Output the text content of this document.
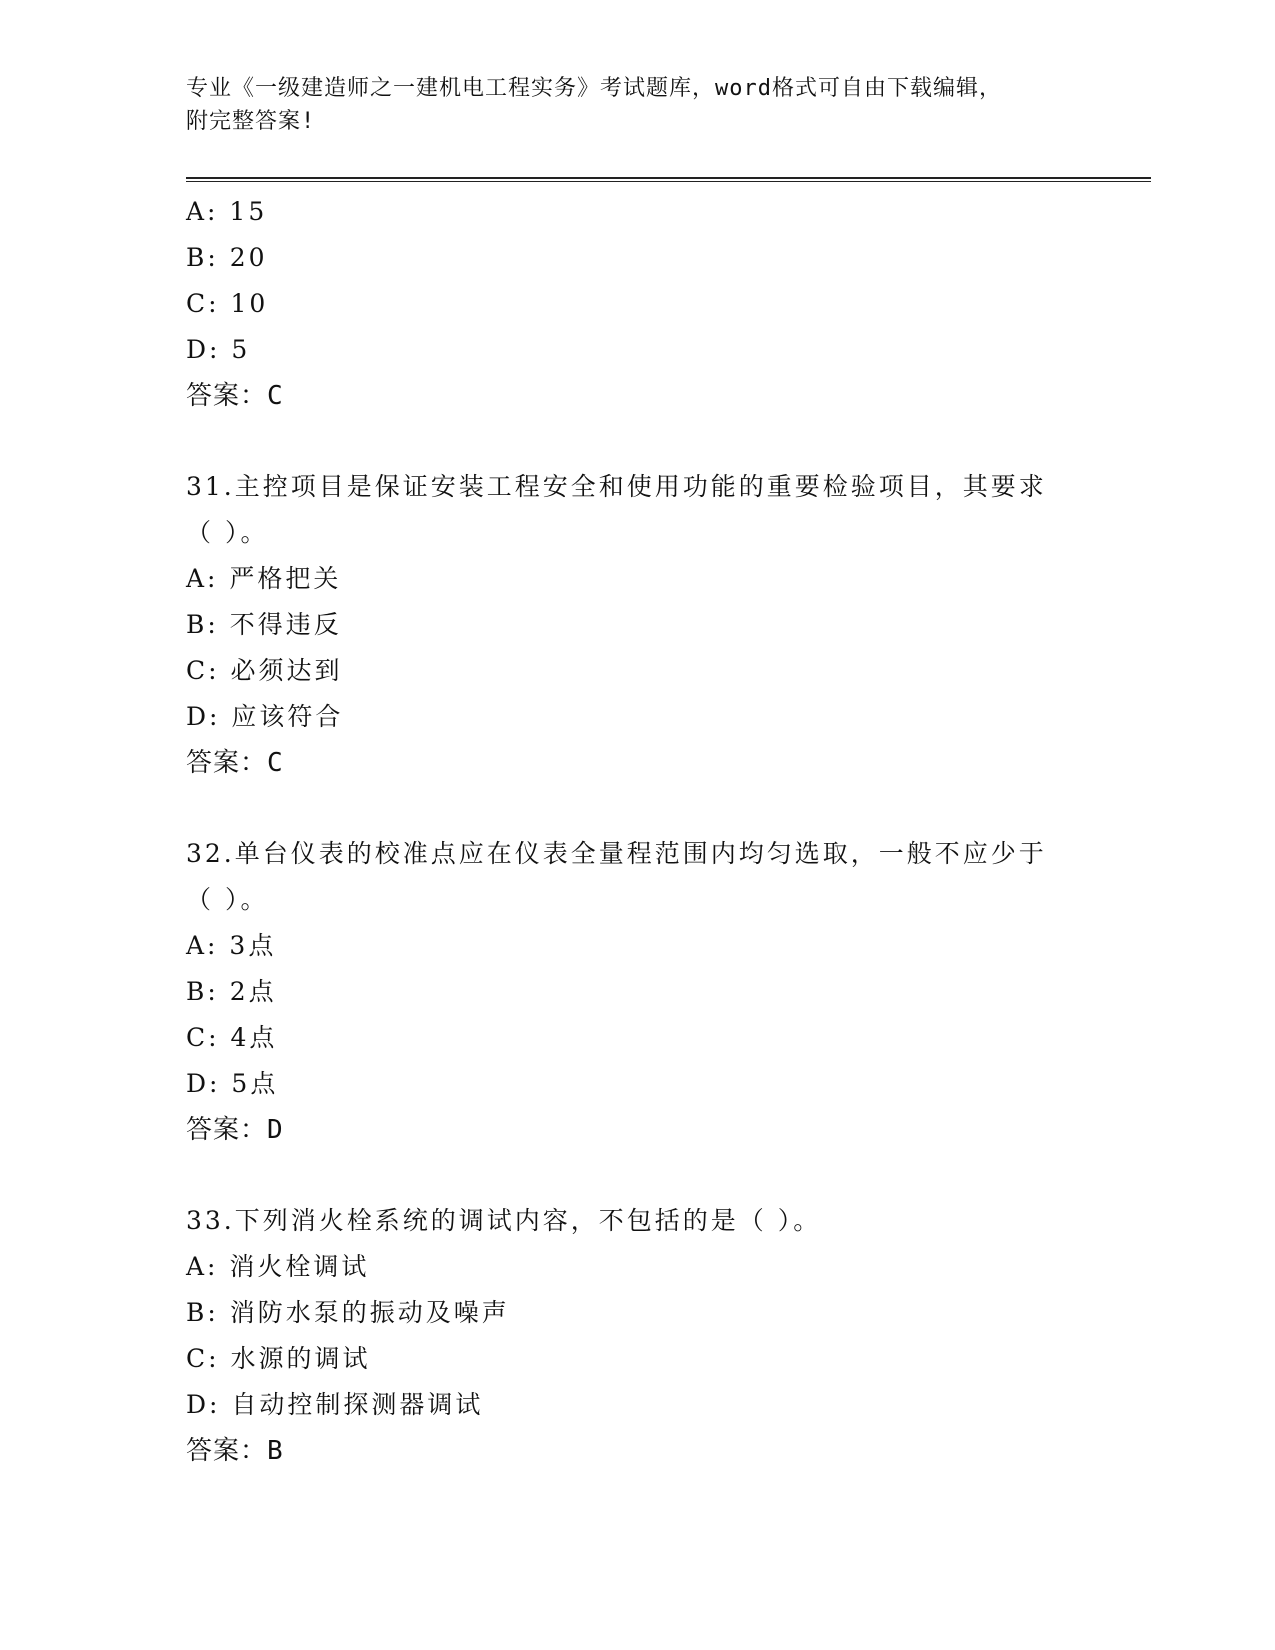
专业《一级建造师之一建机电工程实务》考试题库，word格式可自由下载编辑，
附完整答案!
A: 15
B: 20
C: 10
D: 5
答案：C
31.主控项目是保证安装工程安全和使用功能的重要检验项目，其要求
（ ）。
A: 严格把关
B: 不得违反
C: 必须达到
D: 应该符合
答案：C
32.单台仪表的校准点应在仪表全量程范围内均匀选取，一般不应少于
（ ）。
A: 3点
B: 2点
C: 4点
D: 5点
答案：D
33.下列消火栓系统的调试内容，不包括的是（ ）。
A: 消火栓调试
B: 消防水泵的振动及噪声
C: 水源的调试
D: 自动控制探测器调试
答案：B
